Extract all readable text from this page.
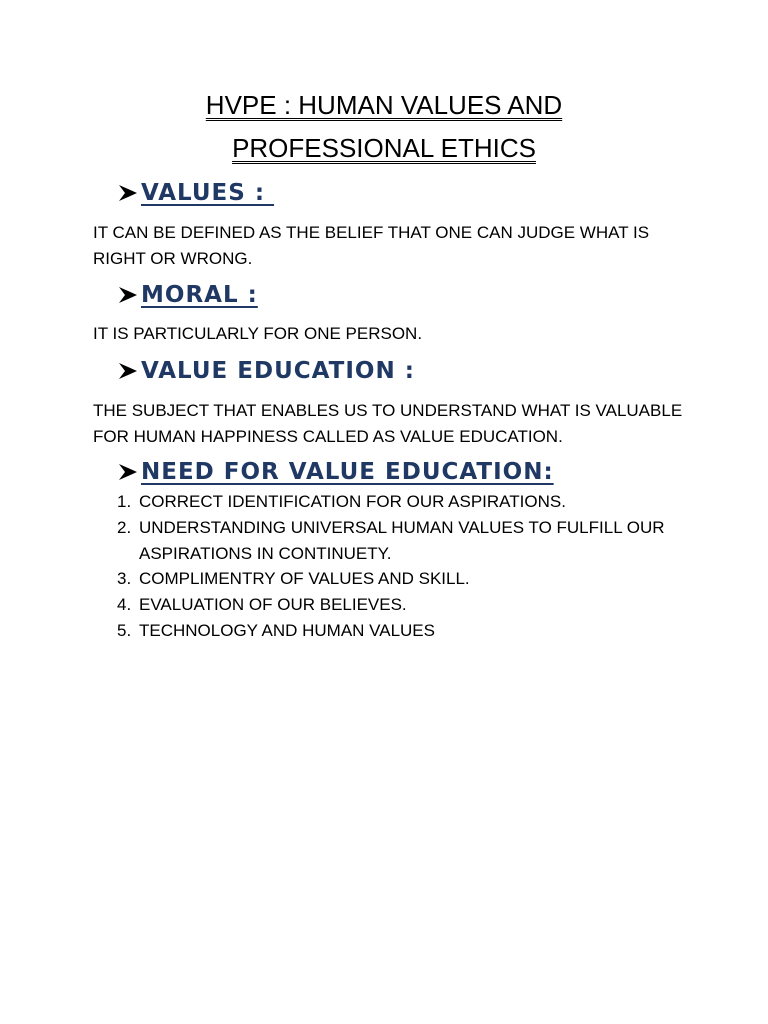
HVPE : HUMAN VALUES AND
PROFESSIONAL ETHICS
VALUES :
IT CAN BE DEFINED AS THE BELIEF THAT ONE CAN JUDGE WHAT IS RIGHT OR WRONG.
MORAL :
IT IS PARTICULARLY FOR ONE PERSON.
VALUE EDUCATION :
THE SUBJECT THAT ENABLES US TO UNDERSTAND WHAT IS VALUABLE FOR HUMAN HAPPINESS CALLED AS VALUE EDUCATION.
NEED FOR VALUE EDUCATION:
1. CORRECT IDENTIFICATION FOR OUR ASPIRATIONS.
2. UNDERSTANDING UNIVERSAL HUMAN VALUES TO FULFILL OUR ASPIRATIONS IN CONTINUETY.
3. COMPLIMENTRY OF VALUES AND SKILL.
4. EVALUATION OF OUR BELIEVES.
5. TECHNOLOGY AND HUMAN VALUES
